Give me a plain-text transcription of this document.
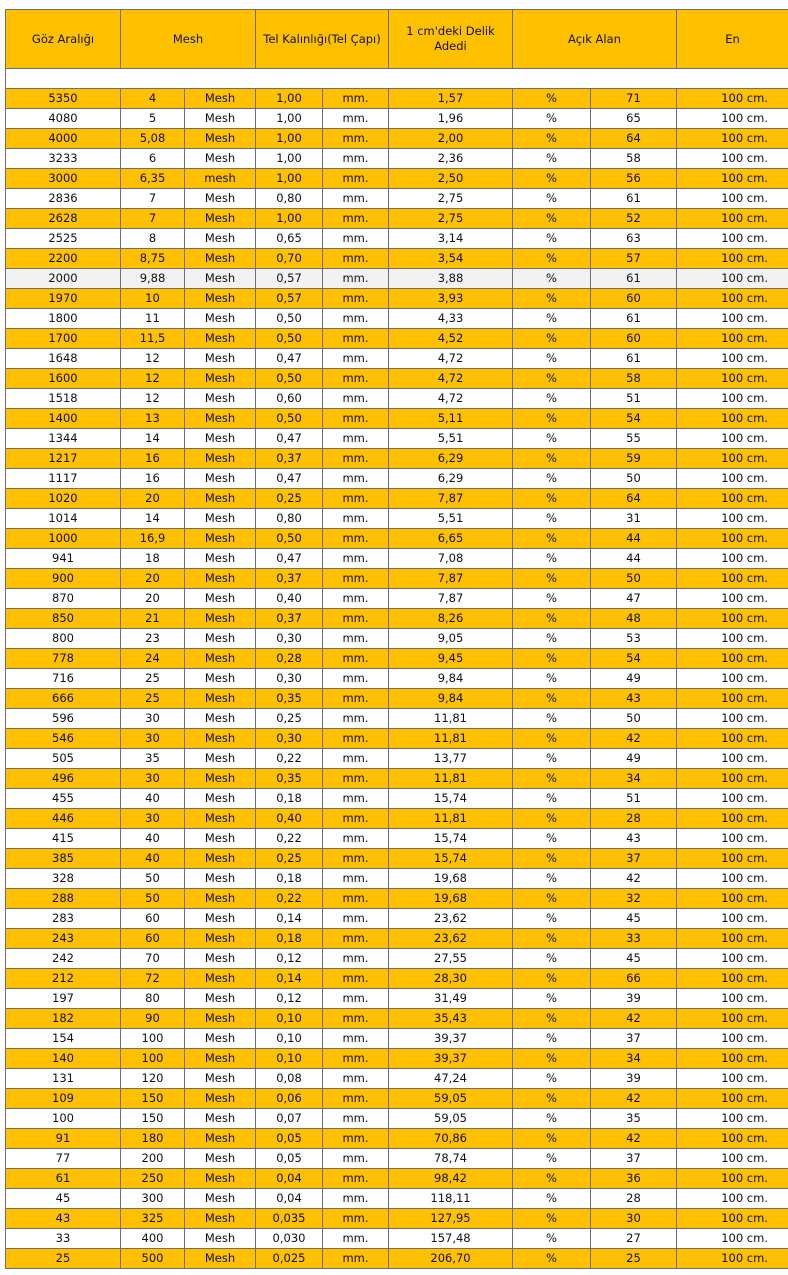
Göz Aralığı	Mesh		Tel Kalınlığı(Tel Çapı)		1 cm'deki Delik Adedi	Açık Alan		En

5350	4	Mesh	1,00	mm.	1,57	%	71	100 cm.
4080	5	Mesh	1,00	mm.	1,96	%	65	100 cm.
4000	5,08	Mesh	1,00	mm.	2,00	%	64	100 cm.
3233	6	Mesh	1,00	mm.	2,36	%	58	100 cm.
3000	6,35	mesh	1,00	mm.	2,50	%	56	100 cm.
2836	7	Mesh	0,80	mm.	2,75	%	61	100 cm.
2628	7	Mesh	1,00	mm.	2,75	%	52	100 cm.
2525	8	Mesh	0,65	mm.	3,14	%	63	100 cm.
2200	8,75	Mesh	0,70	mm.	3,54	%	57	100 cm.
2000	9,88	Mesh	0,57	mm.	3,88	%	61	100 cm.
1970	10	Mesh	0,57	mm.	3,93	%	60	100 cm.
1800	11	Mesh	0,50	mm.	4,33	%	61	100 cm.
1700	11,5	Mesh	0,50	mm.	4,52	%	60	100 cm.
1648	12	Mesh	0,47	mm.	4,72	%	61	100 cm.
1600	12	Mesh	0,50	mm.	4,72	%	58	100 cm.
1518	12	Mesh	0,60	mm.	4,72	%	51	100 cm.
1400	13	Mesh	0,50	mm.	5,11	%	54	100 cm.
1344	14	Mesh	0,47	mm.	5,51	%	55	100 cm.
1217	16	Mesh	0,37	mm.	6,29	%	59	100 cm.
1117	16	Mesh	0,47	mm.	6,29	%	50	100 cm.
1020	20	Mesh	0,25	mm.	7,87	%	64	100 cm.
1014	14	Mesh	0,80	mm.	5,51	%	31	100 cm.
1000	16,9	Mesh	0,50	mm.	6,65	%	44	100 cm.
941	18	Mesh	0,47	mm.	7,08	%	44	100 cm.
900	20	Mesh	0,37	mm.	7,87	%	50	100 cm.
870	20	Mesh	0,40	mm.	7,87	%	47	100 cm.
850	21	Mesh	0,37	mm.	8,26	%	48	100 cm.
800	23	Mesh	0,30	mm.	9,05	%	53	100 cm.
778	24	Mesh	0,28	mm.	9,45	%	54	100 cm.
716	25	Mesh	0,30	mm.	9,84	%	49	100 cm.
666	25	Mesh	0,35	mm.	9,84	%	43	100 cm.
596	30	Mesh	0,25	mm.	11,81	%	50	100 cm.
546	30	Mesh	0,30	mm.	11,81	%	42	100 cm.
505	35	Mesh	0,22	mm.	13,77	%	49	100 cm.
496	30	Mesh	0,35	mm.	11,81	%	34	100 cm.
455	40	Mesh	0,18	mm.	15,74	%	51	100 cm.
446	30	Mesh	0,40	mm.	11,81	%	28	100 cm.
415	40	Mesh	0,22	mm.	15,74	%	43	100 cm.
385	40	Mesh	0,25	mm.	15,74	%	37	100 cm.
328	50	Mesh	0,18	mm.	19,68	%	42	100 cm.
288	50	Mesh	0,22	mm.	19,68	%	32	100 cm.
283	60	Mesh	0,14	mm.	23,62	%	45	100 cm.
243	60	Mesh	0,18	mm.	23,62	%	33	100 cm.
242	70	Mesh	0,12	mm.	27,55	%	45	100 cm.
212	72	Mesh	0,14	mm.	28,30	%	66	100 cm.
197	80	Mesh	0,12	mm.	31,49	%	39	100 cm.
182	90	Mesh	0,10	mm.	35,43	%	42	100 cm.
154	100	Mesh	0,10	mm.	39,37	%	37	100 cm.
140	100	Mesh	0,10	mm.	39,37	%	34	100 cm.
131	120	Mesh	0,08	mm.	47,24	%	39	100 cm.
109	150	Mesh	0,06	mm.	59,05	%	42	100 cm.
100	150	Mesh	0,07	mm.	59,05	%	35	100 cm.
91	180	Mesh	0,05	mm.	70,86	%	42	100 cm.
77	200	Mesh	0,05	mm.	78,74	%	37	100 cm.
61	250	Mesh	0,04	mm.	98,42	%	36	100 cm.
45	300	Mesh	0,04	mm.	118,11	%	28	100 cm.
43	325	Mesh	0,035	mm.	127,95	%	30	100 cm.
33	400	Mesh	0,030	mm.	157,48	%	27	100 cm.
25	500	Mesh	0,025	mm.	206,70	%	25	100 cm.
